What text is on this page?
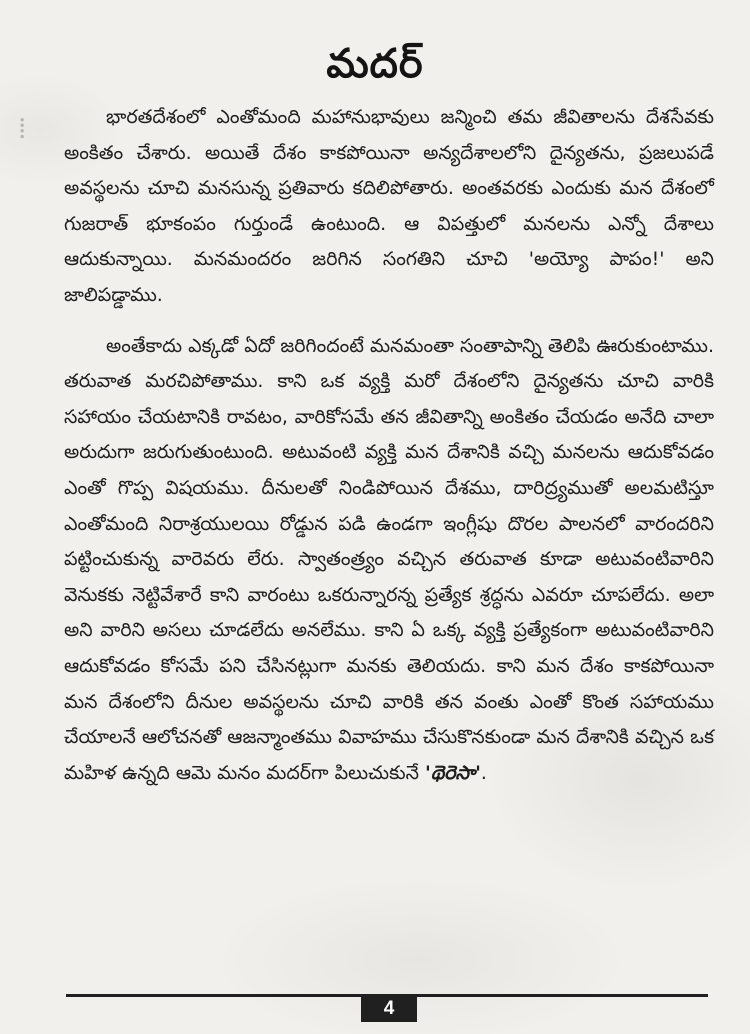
⁞
మదర్

భారతదేశంలో ఎంతోమంది మహానుభావులు జన్మించి తమ జీవితాలను దేశసేవకు అంకితం చేశారు. అయితే దేశం కాకపోయినా అన్యదేశాలలోని దైన్యతను, ప్రజలుపడే అవస్థలను చూచి మనసున్న ప్రతివారు కదిలిపోతారు. అంతవరకు ఎందుకు మన దేశంలో గుజరాత్ భూకంపం గుర్తుండే ఉంటుంది. ఆ విపత్తులో మనలను ఎన్నో దేశాలు ఆదుకున్నాయి. మనమందరం జరిగిన సంగతిని చూచి 'అయ్యో పాపం!' అని జాలిపడ్డాము.

అంతేకాదు ఎక్కడో ఏదో జరిగిందంటే మనమంతా సంతాపాన్ని తెలిపి ఊరుకుంటాము. తరువాత మరచిపోతాము. కాని ఒక వ్యక్తి మరో దేశంలోని దైన్యతను చూచి వారికి సహాయం చేయటానికి రావటం, వారికోసమే తన జీవితాన్ని అంకితం చేయడం అనేది చాలా అరుదుగా జరుగుతుంటుంది. అటువంటి వ్యక్తి మన దేశానికి వచ్చి మనలను ఆదుకోవడం ఎంతో గొప్ప విషయము. దీనులతో నిండిపోయిన దేశము, దారిద్ర్యముతో అలమటిస్తూ ఎంతోమంది నిరాశ్రయులయి రోడ్డున పడి ఉండగా ఇంగ్లీషు దొరల పాలనలో వారందరిని పట్టించుకున్న వారెవరు లేరు. స్వాతంత్ర్యం వచ్చిన తరువాత కూడా అటువంటివారిని వెనుకకు నెట్టివేశారే కాని వారంటు ఒకరున్నారన్న ప్రత్యేక శ్రద్ధను ఎవరూ చూపలేదు. అలా అని వారిని అసలు చూడలేదు అనలేము. కాని ఏ ఒక్క వ్యక్తి ప్రత్యేకంగా అటువంటివారిని ఆదుకోవడం కోసమే పని చేసినట్లుగా మనకు తెలియదు. కాని మన దేశం కాకపోయినా మన దేశంలోని దీనుల అవస్థలను చూచి వారికి తన వంతు ఎంతో కొంత సహాయము చేయాలనే ఆలోచనతో ఆజన్మాంతము వివాహము చేసుకొనకుండా మన దేశానికి వచ్చిన ఒక మహిళ ఉన్నది ఆమె మనం మదర్‌గా పిలుచుకునే 'థెరెసా'.

4
